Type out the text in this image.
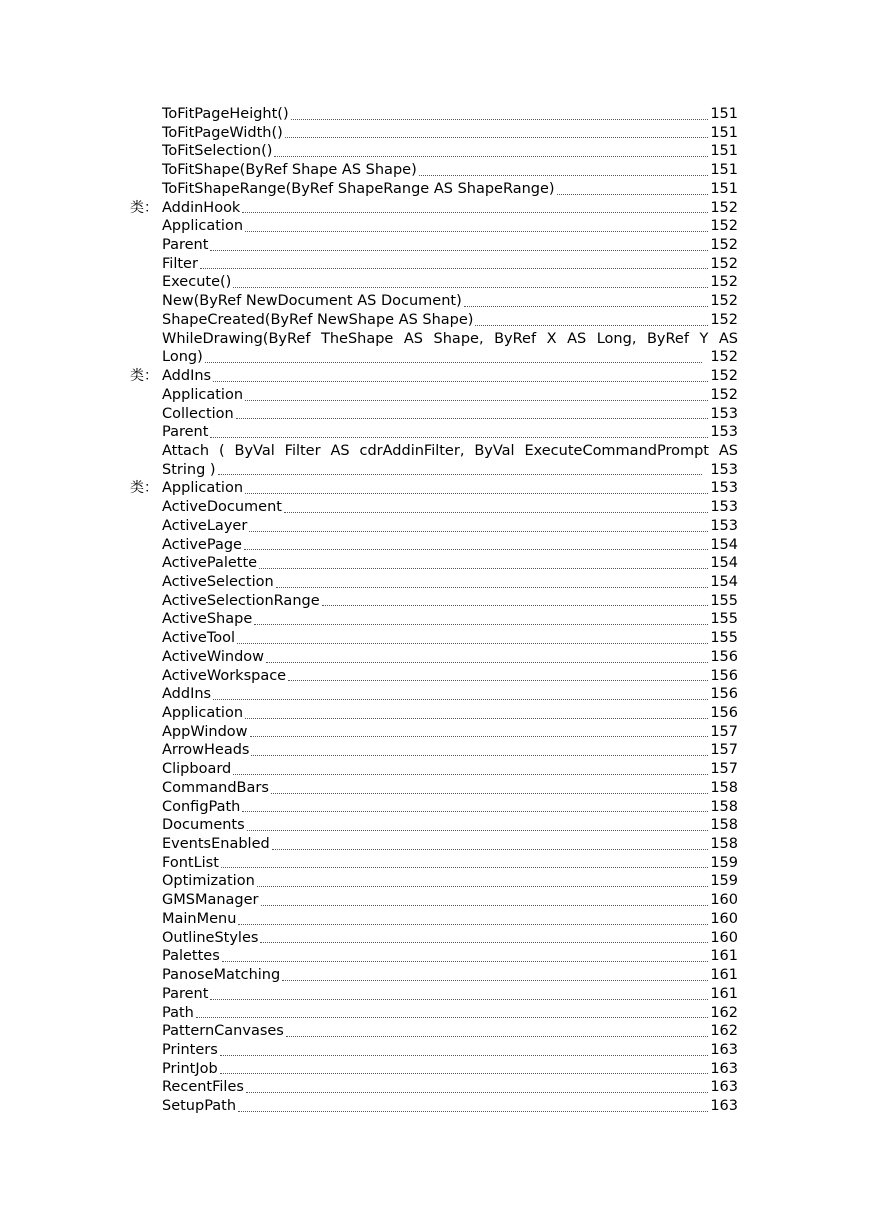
ToFitPageHeight()	151
ToFitPageWidth()	151
ToFitSelection()	151
ToFitShape(ByRef Shape AS Shape)	151
ToFitShapeRange(ByRef ShapeRange AS ShapeRange)	151
类： AddinHook	152
Application	152
Parent	152
Filter	152
Execute()	152
New(ByRef NewDocument AS Document)	152
ShapeCreated(ByRef NewShape AS Shape)	152
WhileDrawing(ByRef TheShape AS Shape, ByRef X AS Long, ByRef Y AS
Long)	152
类： AddIns	152
Application	152
Collection	153
Parent	153
Attach ( ByVal Filter AS cdrAddinFilter, ByVal ExecuteCommandPrompt AS
String )	153
类： Application	153
ActiveDocument	153
ActiveLayer	153
ActivePage	154
ActivePalette	154
ActiveSelection	154
ActiveSelectionRange	155
ActiveShape	155
ActiveTool	155
ActiveWindow	156
ActiveWorkspace	156
AddIns	156
Application	156
AppWindow	157
ArrowHeads	157
Clipboard	157
CommandBars	158
ConfigPath	158
Documents	158
EventsEnabled	158
FontList	159
Optimization	159
GMSManager	160
MainMenu	160
OutlineStyles	160
Palettes	161
PanoseMatching	161
Parent	161
Path	162
PatternCanvases	162
Printers	163
PrintJob	163
RecentFiles	163
SetupPath	163
